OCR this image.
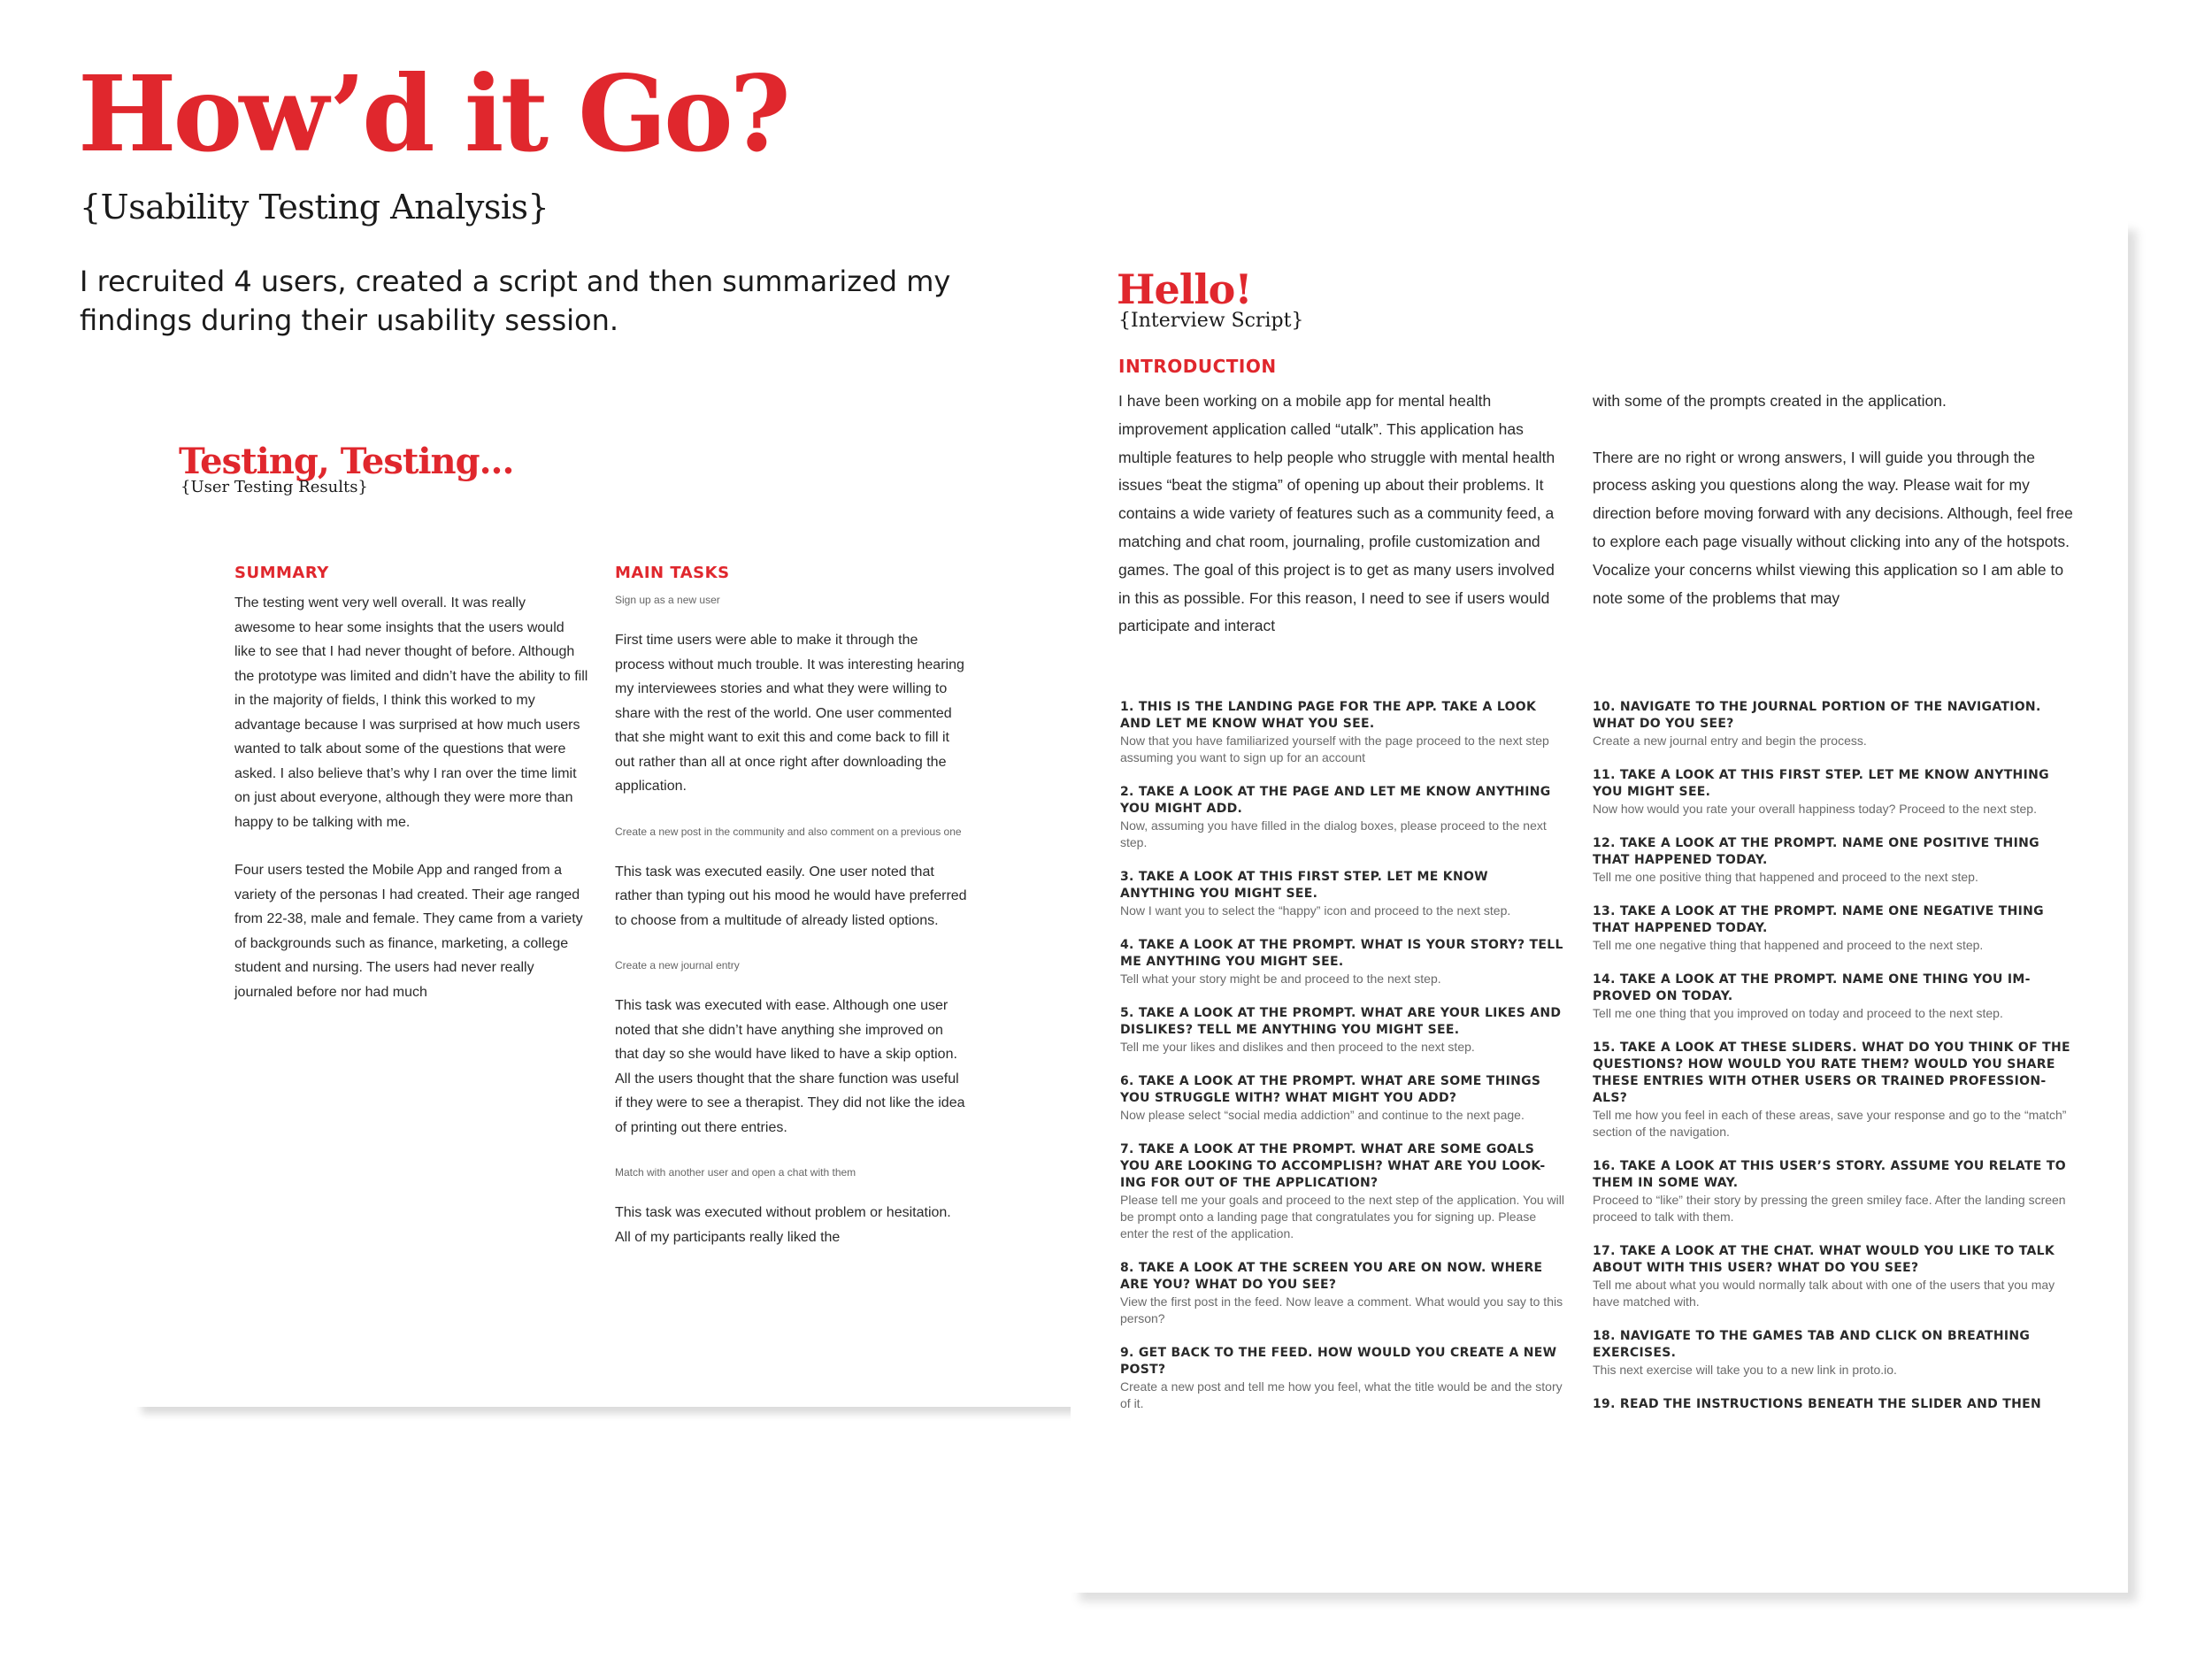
How’d it Go?
{Usability Testing Analysis}
I recruited 4 users, created a script and then summarized my findings during their usability session.
Testing, Testing...
{User Testing Results}
SUMMARY
The testing went very well overall. It was really awesome to hear some insights that the users would like to see that I had never thought of before. Although the prototype was limited and didn’t have the ability to fill in the majority of fields, I think this worked to my advantage because I was surprised at how much users wanted to talk about some of the questions that were asked. I also believe that’s why I ran over the time limit on just about everyone, although they were more than happy to be talking with me.
Four users tested the Mobile App and ranged from a variety of the personas I had created. Their age ranged from 22-38, male and female. They came from a variety of backgrounds such as finance, marketing, a college student and nursing. The users had never really journaled before nor had much
MAIN TASKS
Sign up as a new user
First time users were able to make it through the process without much trouble. It was interesting hearing my interviewees stories and what they were willing to share with the rest of the world. One user commented that she might want to exit this and come back to fill it out rather than all at once right after downloading the application.
Create a new post in the community and also comment on a previous one
This task was executed easily. One user noted that rather than typing out his mood he would have preferred to choose from a multitude of already listed options.
Create a new journal entry
This task was executed with ease. Although one user noted that she didn’t have anything she improved on that day so she would have liked to have a skip option. All the users thought that the share function was useful if they were to see a therapist. They did not like the idea of printing out there entries.
Match with another user and open a chat with them
This task was executed without problem or hesitation. All of my participants really liked the
Hello!
{Interview Script}
INTRODUCTION
I have been working on a mobile app for mental health improvement application called “utalk”. This application has multiple features to help people who struggle with mental health issues “beat the stigma” of opening up about their problems. It contains a wide variety of features such as a community feed, a matching and chat room, journaling, profile customization and games. The goal of this project is to get as many users involved in this as possible. For this reason, I need to see if users would participate and interact
with some of the prompts created in the application.
There are no right or wrong answers, I will guide you through the process asking you questions along the way. Please wait for my direction before moving forward with any decisions. Although, feel free to explore each page visually without clicking into any of the hotspots. Vocalize your concerns whilst viewing this application so I am able to note some of the problems that may
1. THIS IS THE LANDING PAGE FOR THE APP. TAKE A LOOK AND LET ME KNOW WHAT YOU SEE.
Now that you have familiarized yourself with the page proceed to the next step assuming you want to sign up for an account
2. TAKE A LOOK AT THE PAGE AND LET ME KNOW ANYTHING YOU MIGHT ADD.
Now, assuming you have filled in the dialog boxes, please proceed to the next step.
3. TAKE A LOOK AT THIS FIRST STEP. LET ME KNOW ANYTHING YOU MIGHT SEE.
Now I want you to select the “happy” icon and proceed to the next step.
4. TAKE A LOOK AT THE PROMPT. WHAT IS YOUR STORY? TELL ME ANYTHING YOU MIGHT SEE.
Tell what your story might be and proceed to the next step.
5. TAKE A LOOK AT THE PROMPT. WHAT ARE YOUR LIKES AND DISLIKES? TELL ME ANYTHING YOU MIGHT SEE.
Tell me your likes and dislikes and then proceed to the next step.
6. TAKE A LOOK AT THE PROMPT. WHAT ARE SOME THINGS YOU STRUGGLE WITH? WHAT MIGHT YOU ADD?
Now please select “social media addiction” and continue to the next page.
7. TAKE A LOOK AT THE PROMPT. WHAT ARE SOME GOALS YOU ARE LOOKING TO ACCOMPLISH? WHAT ARE YOU LOOK-ING FOR OUT OF THE APPLICATION?
Please tell me your goals and proceed to the next step of the application. You will be prompt onto a landing page that congratulates you for signing up. Please enter the rest of the application.
8. TAKE A LOOK AT THE SCREEN YOU ARE ON NOW. WHERE ARE YOU? WHAT DO YOU SEE?
View the first post in the feed. Now leave a comment. What would you say to this person?
9. GET BACK TO THE FEED. HOW WOULD YOU CREATE A NEW POST?
Create a new post and tell me how you feel, what the title would be and the story of it.
10. NAVIGATE TO THE JOURNAL PORTION OF THE NAVIGATION. WHAT DO YOU SEE?
Create a new journal entry and begin the process.
11. TAKE A LOOK AT THIS FIRST STEP. LET ME KNOW ANYTHING YOU MIGHT SEE.
Now how would you rate your overall happiness today? Proceed to the next step.
12. TAKE A LOOK AT THE PROMPT. NAME ONE POSITIVE THING THAT HAPPENED TODAY.
Tell me one positive thing that happened and proceed to the next step.
13. TAKE A LOOK AT THE PROMPT. NAME ONE NEGATIVE THING THAT HAPPENED TODAY.
Tell me one negative thing that happened and proceed to the next step.
14. TAKE A LOOK AT THE PROMPT. NAME ONE THING YOU IM-PROVED ON TODAY.
Tell me one thing that you improved on today and proceed to the next step.
15. TAKE A LOOK AT THESE SLIDERS. WHAT DO YOU THINK OF THE QUESTIONS? HOW WOULD YOU RATE THEM? WOULD YOU SHARE THESE ENTRIES WITH OTHER USERS OR TRAINED PROFESSION-ALS?
Tell me how you feel in each of these areas, save your response and go to the “match” section of the navigation.
16. TAKE A LOOK AT THIS USER’S STORY. ASSUME YOU RELATE TO THEM IN SOME WAY.
Proceed to “like” their story by pressing the green smiley face. After the landing screen proceed to talk with them.
17. TAKE A LOOK AT THE CHAT. WHAT WOULD YOU LIKE TO TALK ABOUT WITH THIS USER? WHAT DO YOU SEE?
Tell me about what you would normally talk about with one of the users that you may have matched with.
18. NAVIGATE TO THE GAMES TAB AND CLICK ON BREATHING EXERCISES.
This next exercise will take you to a new link in proto.io.
19. READ THE INSTRUCTIONS BENEATH THE SLIDER AND THEN
